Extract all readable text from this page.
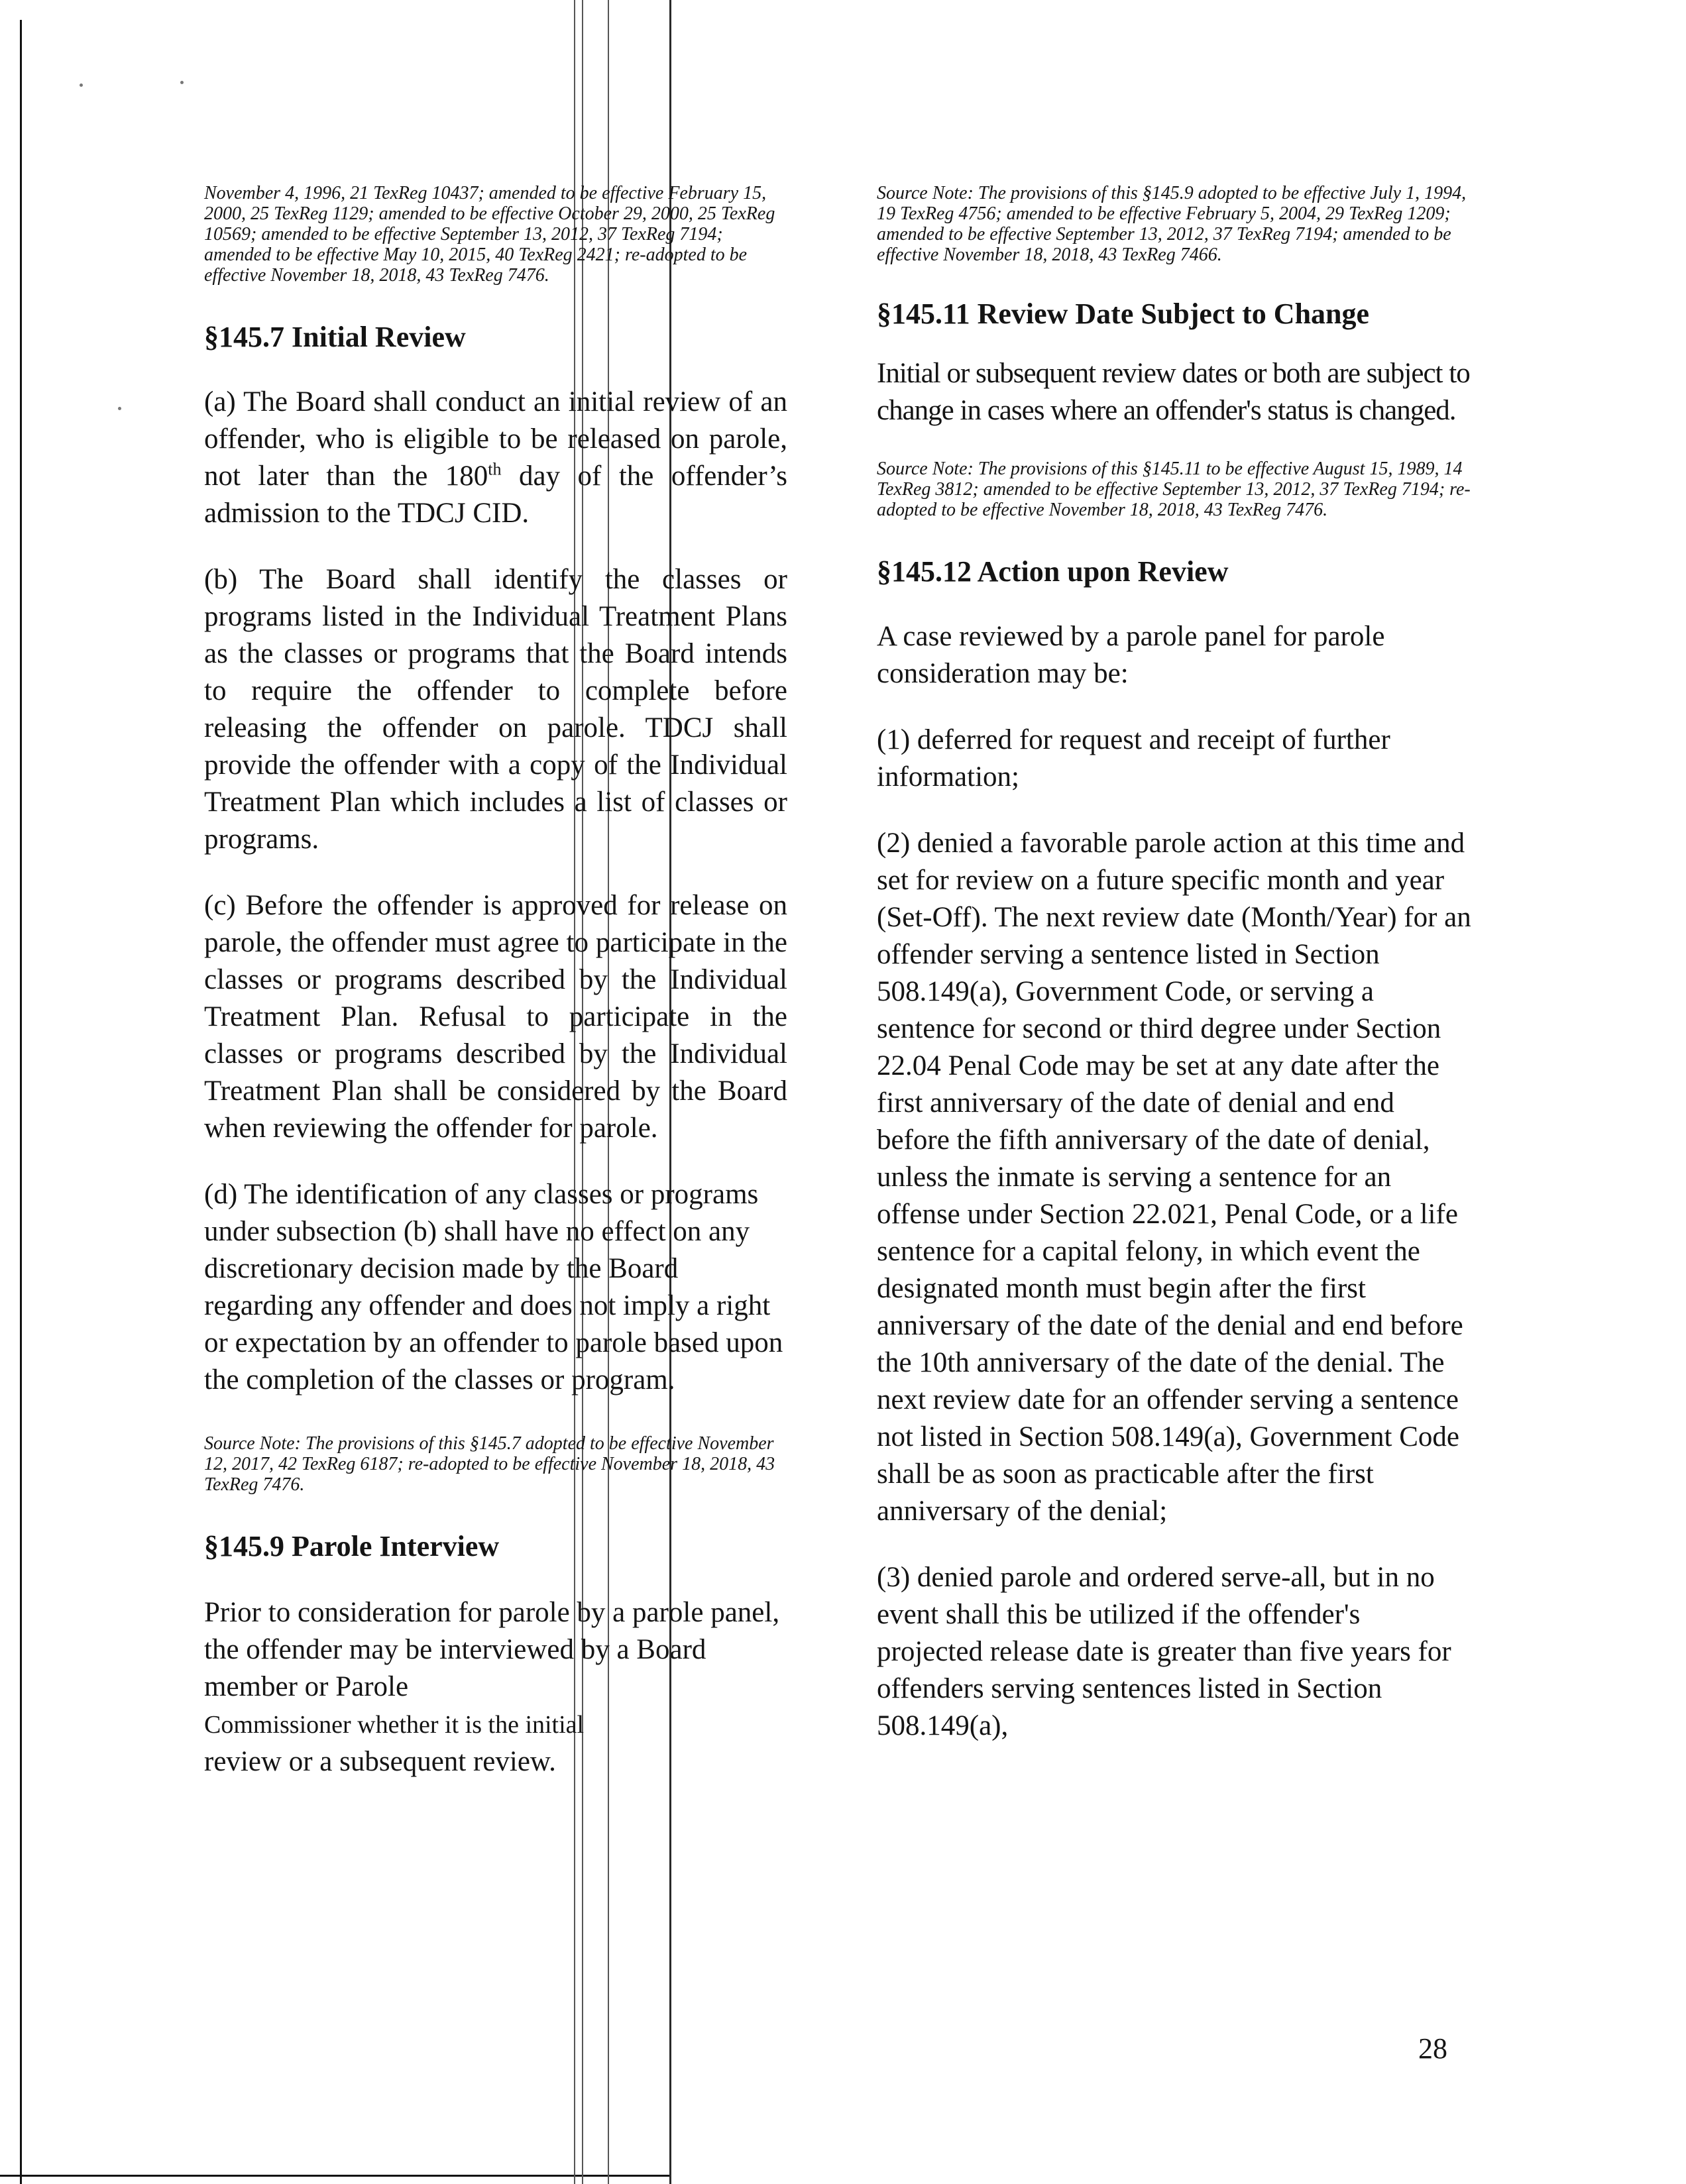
November 4, 1996, 21 TexReg 10437; amended to be effective February 15, 2000, 25 TexReg 1129; amended to be effective October 29, 2000, 25 TexReg 10569; amended to be effective September 13, 2012, 37 TexReg 7194; amended to be effective May 10, 2015, 40 TexReg 2421; re-adopted to be effective November 18, 2018, 43 TexReg 7476.

§145.7 Initial Review

(a) The Board shall conduct an initial review of an offender, who is eligible to be released on parole, not later than the 180th day of the offender’s admission to the TDCJ CID.

(b) The Board shall identify the classes or programs listed in the Individual Treatment Plans as the classes or programs that the Board intends to require the offender to complete before releasing the offender on parole. TDCJ shall provide the offender with a copy of the Individual Treatment Plan which includes a list of classes or programs.

(c) Before the offender is approved for release on parole, the offender must agree to participate in the classes or programs described by the Individual Treatment Plan. Refusal to participate in the classes or programs described by the Individual Treatment Plan shall be considered by the Board when reviewing the offender for parole.

(d) The identification of any classes or programs under subsection (b) shall have no effect on any discretionary decision made by the Board regarding any offender and does not imply a right or expectation by an offender to parole based upon the completion of the classes or program.

Source Note: The provisions of this §145.7 adopted to be effective November 12, 2017, 42 TexReg 6187; re-adopted to be effective November 18, 2018, 43 TexReg 7476.

§145.9 Parole Interview

Prior to consideration for parole by a parole panel, the offender may be interviewed by a Board member or Parole
Commissioner whether it is the initial
review or a subsequent review.

Source Note: The provisions of this §145.9 adopted to be effective July 1, 1994, 19 TexReg 4756; amended to be effective February 5, 2004, 29 TexReg 1209; amended to be effective September 13, 2012, 37 TexReg 7194; amended to be effective November 18, 2018, 43 TexReg 7466.

§145.11 Review Date Subject to Change

Initial or subsequent review dates or both are subject to change in cases where an offender's status is changed.

Source Note: The provisions of this §145.11 to be effective August 15, 1989, 14 TexReg 3812; amended to be effective September 13, 2012, 37 TexReg 7194; re-adopted to be effective November 18, 2018, 43 TexReg 7476.

§145.12 Action upon Review

A case reviewed by a parole panel for parole consideration may be:

(1) deferred for request and receipt of further information;

(2) denied a favorable parole action at this time and set for review on a future specific month and year (Set-Off). The next review date (Month/Year) for an offender serving a sentence listed in Section 508.149(a), Government Code, or serving a sentence for second or third degree under Section 22.04 Penal Code may be set at any date after the first anniversary of the date of denial and end before the fifth anniversary of the date of denial, unless the inmate is serving a sentence for an offense under Section 22.021, Penal Code, or a life sentence for a capital felony, in which event the designated month must begin after the first anniversary of the date of the denial and end before the 10th anniversary of the date of the denial. The next review date for an offender serving a sentence not listed in Section 508.149(a), Government Code shall be as soon as practicable after the first anniversary of the denial;

(3) denied parole and ordered serve-all, but in no event shall this be utilized if the offender's projected release date is greater than five years for offenders serving sentences listed in Section 508.149(a),

28
